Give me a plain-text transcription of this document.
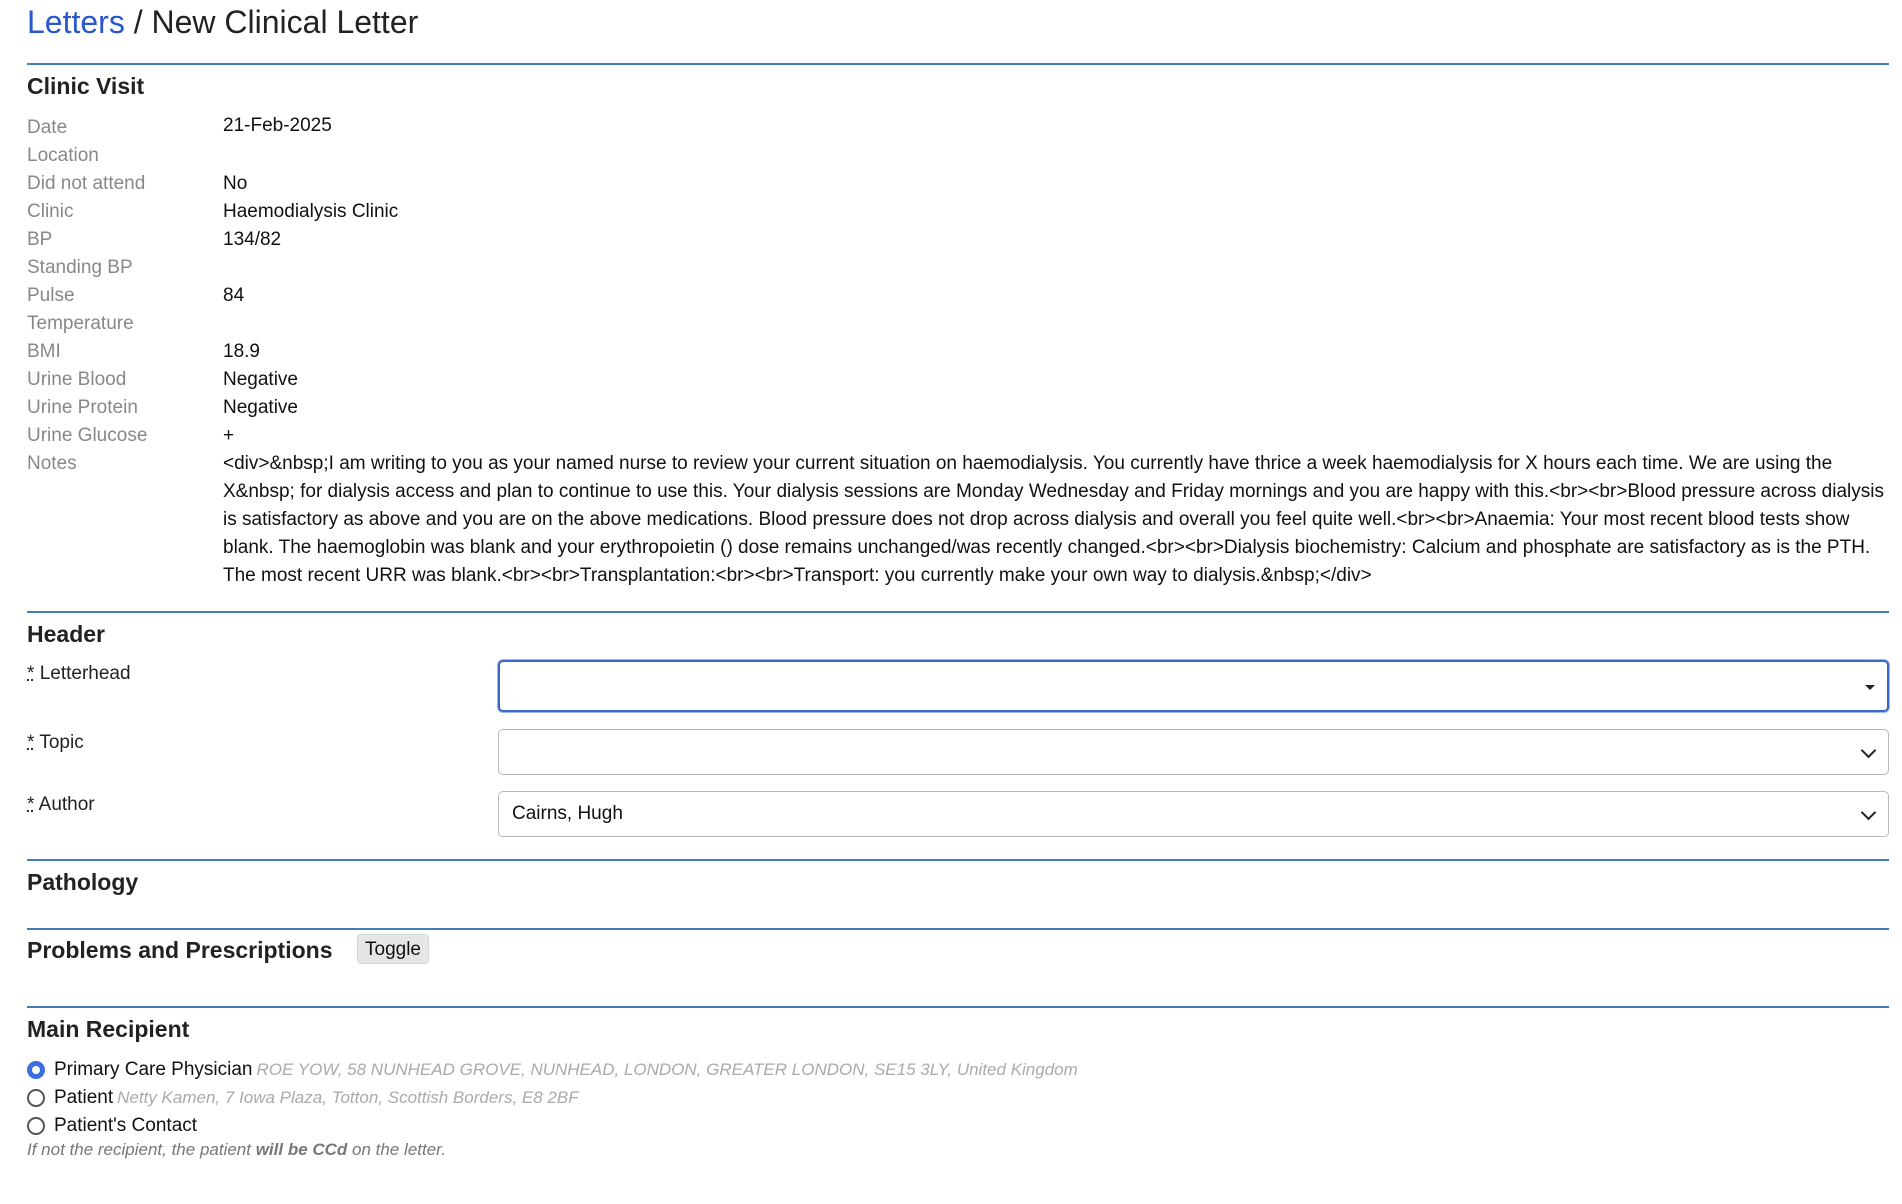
Letters / New Clinical Letter
Clinic Visit
Date	21-Feb-2025
Location
Did not attend	No
Clinic	Haemodialysis Clinic
BP	134/82
Standing BP
Pulse	84
Temperature
BMI	18.9
Urine Blood	Negative
Urine Protein	Negative
Urine Glucose	+
Notes	<div>&nbsp;I am writing to you as your named nurse to review your current situation on haemodialysis. You currently have thrice a week haemodialysis for X hours each time. We are using the X&nbsp; for dialysis access and plan to continue to use this. Your dialysis sessions are Monday Wednesday and Friday mornings and you are happy with this.<br><br>Blood pressure across dialysis is satisfactory as above and you are on the above medications. Blood pressure does not drop across dialysis and overall you feel quite well.<br><br>Anaemia: Your most recent blood tests show blank. The haemoglobin was blank and your erythropoietin () dose remains unchanged/was recently changed.<br><br>Dialysis biochemistry: Calcium and phosphate are satisfactory as is the PTH. The most recent URR was blank.<br><br>Transplantation:<br><br>Transport: you currently make your own way to dialysis.&nbsp;</div>
Header
* Letterhead
* Topic
* Author	Cairns, Hugh
Pathology
Problems and Prescriptions	Toggle
Main Recipient
Primary Care Physician ROE YOW, 58 NUNHEAD GROVE, NUNHEAD, LONDON, GREATER LONDON, SE15 3LY, United Kingdom
Patient Netty Kamen, 7 Iowa Plaza, Totton, Scottish Borders, E8 2BF
Patient's Contact
If not the recipient, the patient will be CCd on the letter.
